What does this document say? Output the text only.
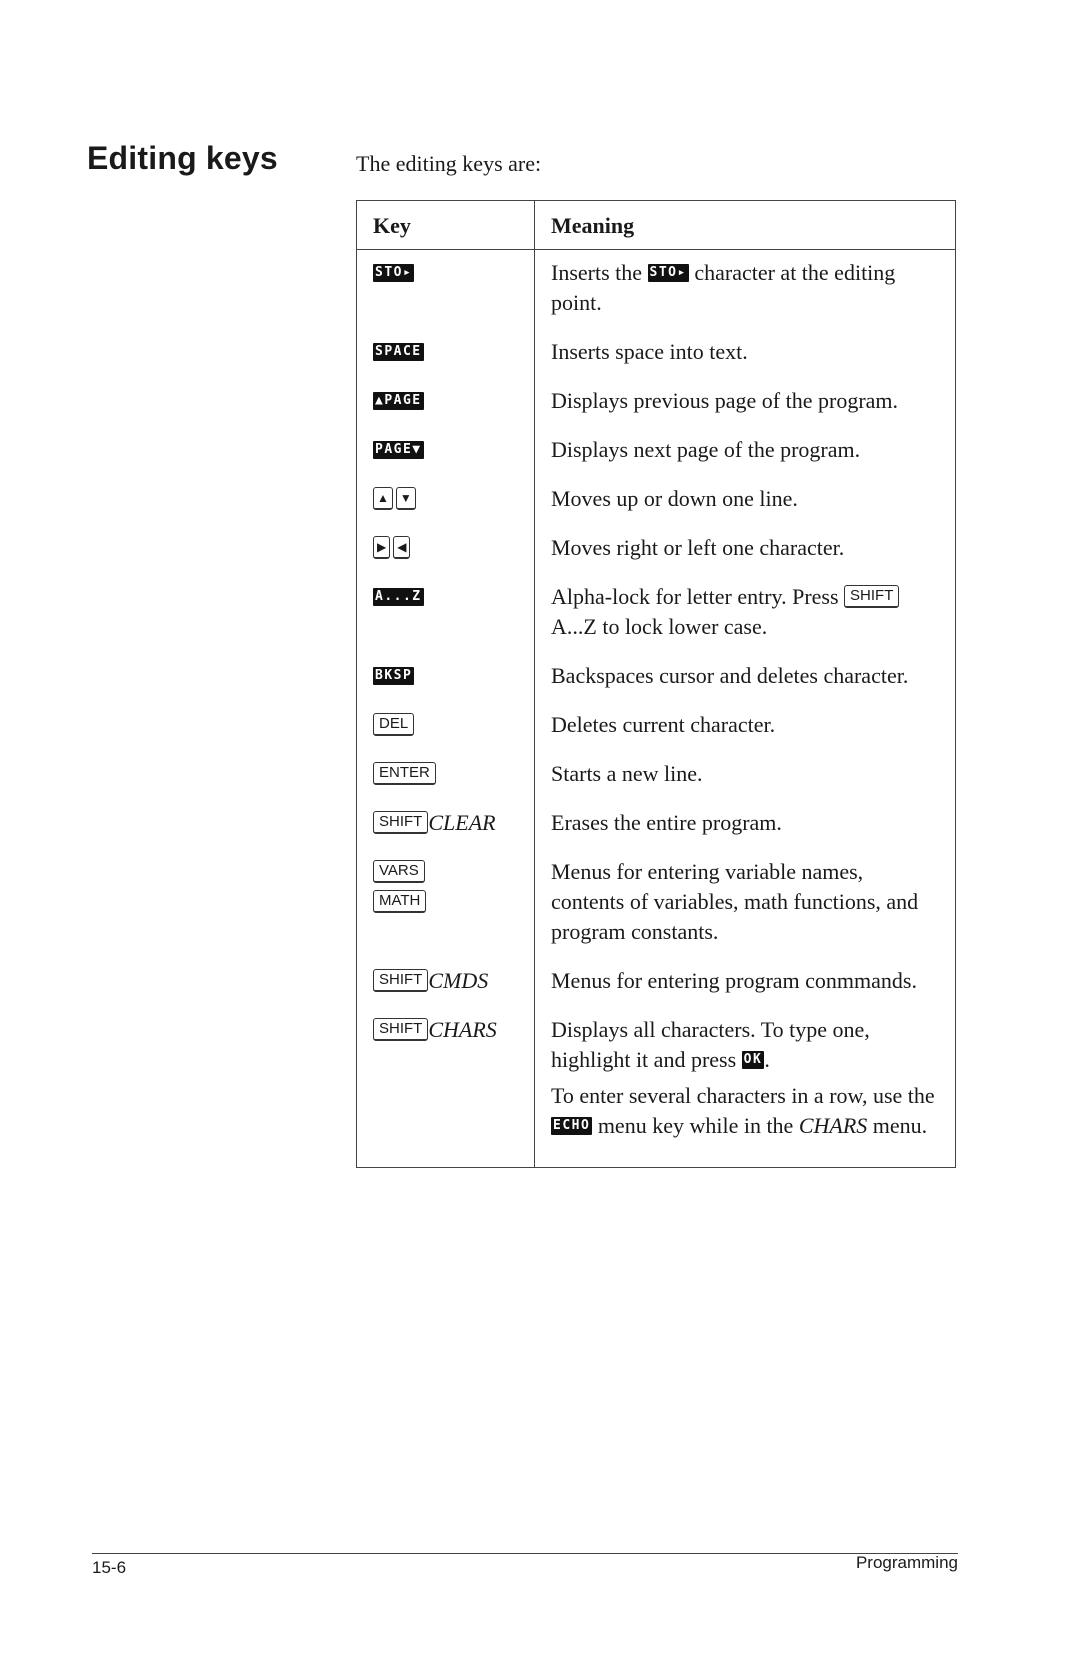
Editing keys	The editing keys are:
Key	Meaning
STO▸	Inserts the STO▸ character at the editing point.
SPACE	Inserts space into text.
▲PAGE	Displays previous page of the program.
PAGE▼	Displays next page of the program.
▲ ▼	Moves up or down one line.
▶ ◀	Moves right or left one character.
A...Z	Alpha-lock for letter entry. Press SHIFT A...Z to lock lower case.
BKSP	Backspaces cursor and deletes character.
DEL	Deletes current character.
ENTER	Starts a new line.
SHIFT CLEAR	Erases the entire program.
VARS
MATH	Menus for entering variable names, contents of variables, math functions, and program constants.
SHIFT CMDS	Menus for entering program conmmands.
SHIFT CHARS	Displays all characters. To type one, highlight it and press OK.
To enter several characters in a row, use the ECHO menu key while in the CHARS menu.
15-6	Programming
